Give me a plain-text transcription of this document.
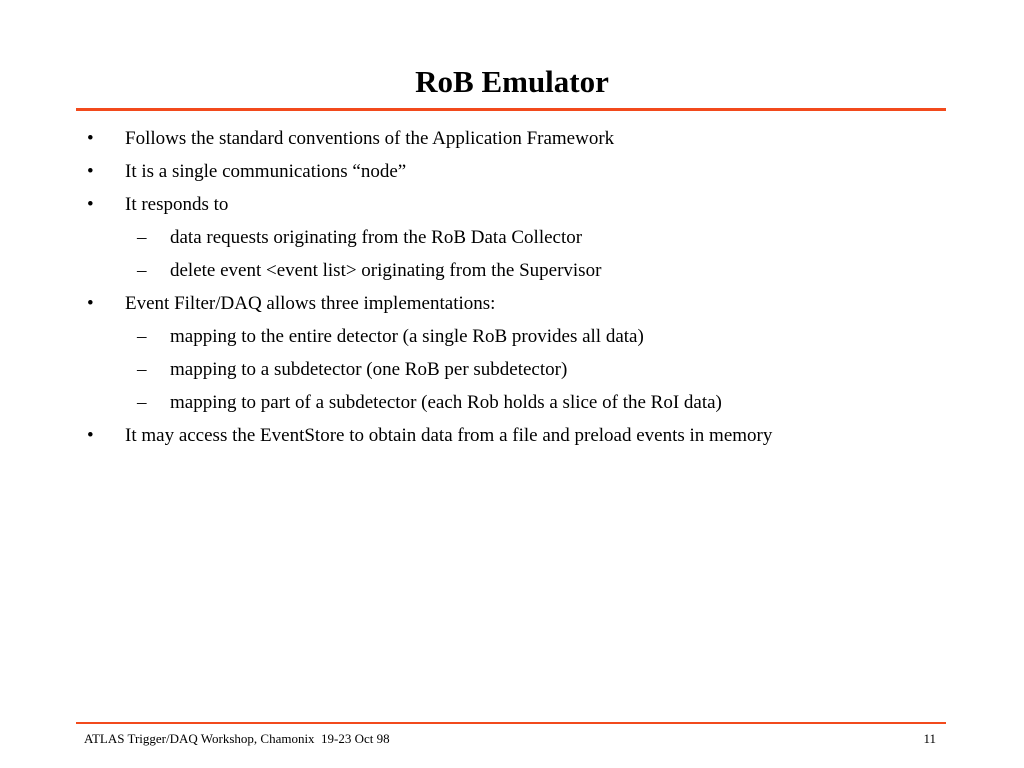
RoB Emulator
• Follows the standard conventions of the Application Framework
• It is a single communications “node”
• It responds to
– data requests originating from the RoB Data Collector
– delete event <event list> originating from the Supervisor
• Event Filter/DAQ allows three implementations:
– mapping to the entire detector (a single RoB provides all data)
– mapping to a subdetector (one RoB per subdetector)
– mapping to part of a subdetector (each Rob holds a slice of the RoI data)
• It may access the EventStore to obtain data from a file and preload events in memory
ATLAS Trigger/DAQ Workshop, Chamonix  19-23 Oct 98	11
